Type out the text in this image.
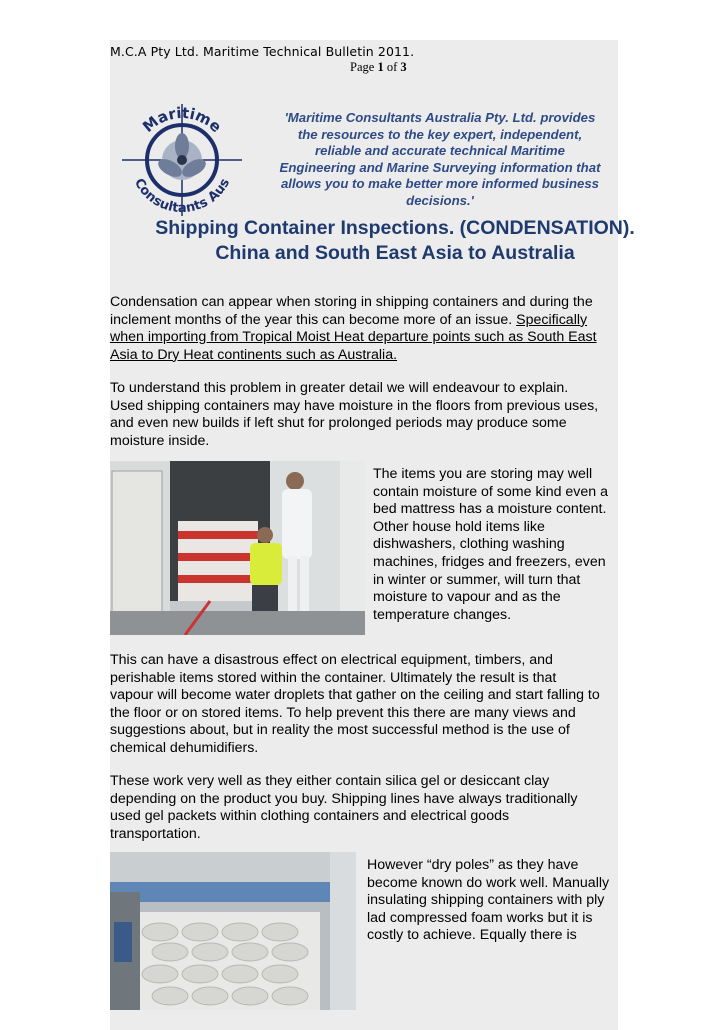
M.C.A Pty Ltd. Maritime Technical Bulletin 2011.
Page 1 of 3
Maritime
Consultants Aus
'Maritime Consultants Australia Pty. Ltd. provides
the resources to the key expert, independent,
reliable and accurate technical Maritime
Engineering and Marine Surveying information that
allows you to make better more informed business
decisions.'
Shipping Container Inspections. (CONDENSATION).
China and South East Asia to Australia
Condensation can appear when storing in shipping containers and during the
inclement months of the year this can become more of an issue. Specifically
when importing from Tropical Moist Heat departure points such as South East
Asia to Dry Heat continents such as Australia.
To understand this problem in greater detail we will endeavour to explain.
Used shipping containers may have moisture in the floors from previous uses,
and even new builds if left shut for prolonged periods may produce some
moisture inside.
The items you are storing may well
contain moisture of some kind even a
bed mattress has a moisture content.
Other house hold items like
dishwashers, clothing washing
machines, fridges and freezers, even
in winter or summer, will turn that
moisture to vapour and as the
temperature changes.
This can have a disastrous effect on electrical equipment, timbers, and
perishable items stored within the container. Ultimately the result is that
vapour will become water droplets that gather on the ceiling and start falling to
the floor or on stored items. To help prevent this there are many views and
suggestions about, but in reality the most successful method is the use of
chemical dehumidifiers.
These work very well as they either contain silica gel or desiccant clay
depending on the product you buy. Shipping lines have always traditionally
used gel packets within clothing containers and electrical goods
transportation.
However “dry poles” as they have
become known do work well. Manually
insulating shipping containers with ply
lad compressed foam works but it is
costly to achieve. Equally there is
